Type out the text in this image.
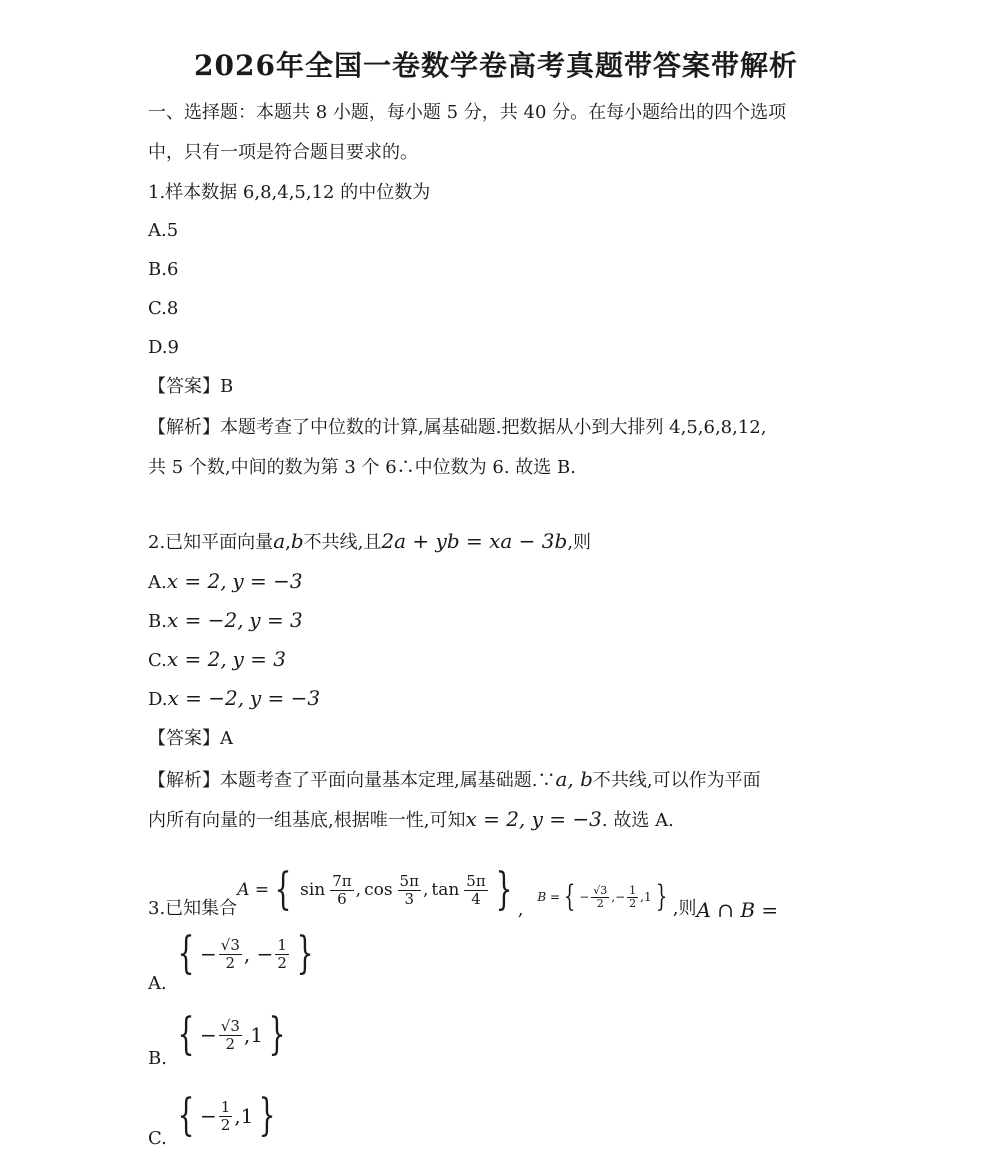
2026年全国一卷数学卷高考真题带答案带解析
一、选择题：本题共 8 小题，每小题 5 分，共 40 分。在每小题给出的四个选项
中，只有一项是符合题目要求的。
1.样本数据 6,8,4,5,12 的中位数为
A.5
B.6
C.8
D.9
【答案】B
【解析】本题考查了中位数的计算,属基础题.把数据从小到大排列 4,5,6,8,12,
共 5 个数,中间的数为第 3 个 6∴中位数为 6. 故选 B.
2.已知平面向量a,b不共线,且2a + yb = xa − 3b,则
A.x = 2, y = −3
B.x = −2, y = 3
C.x = 2, y = 3
D.x = −2, y = −3
【答案】A
【解析】本题考查了平面向量基本定理,属基础题.∵a, b不共线,可以作为平面
内所有向量的一组基底,根据唯一性,可知x = 2, y = −3. 故选 A.
3.已知集合
A = { $\sin \frac{7\pi}{6}$ , $\cos \frac{5\pi}{3}$ , $\tan \frac{5\pi}{4}$ } ,
B = { − $\frac{√3}{2}$ ,− $\frac{1}{2}$ , 1 } ,则 A ∩ B =
{ − $\frac{√3}{2}$ , − $\frac{1}{2}$ }
A.
{ − $\frac{√3}{2}$ , 1 }
B.
{ − $\frac{1}{2}$ , 1 }
C.
